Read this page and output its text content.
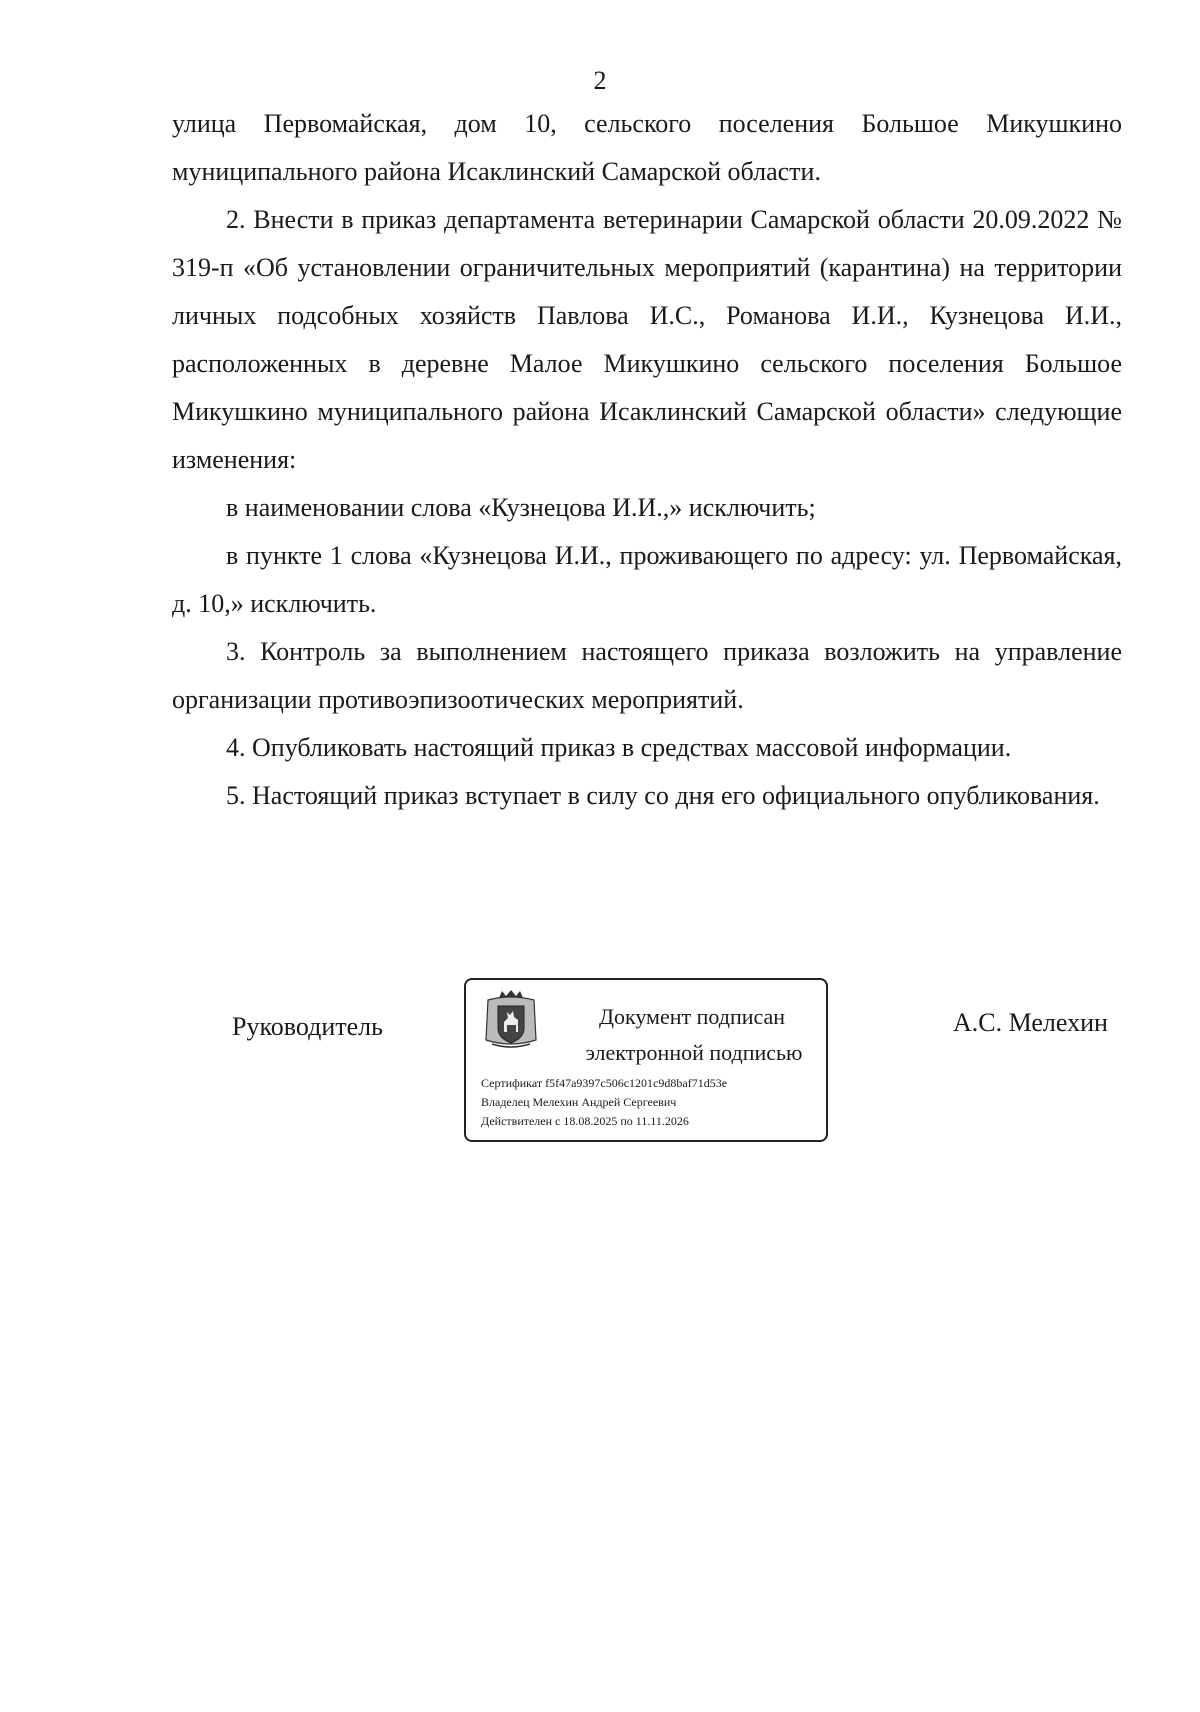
2

улица Первомайская, дом 10, сельского поселения Большое Микушкино муниципального района Исаклинский Самарской области.

2. Внести в приказ департамента ветеринарии Самарской области 20.09.2022 № 319-п «Об установлении ограничительных мероприятий (карантина) на территории личных подсобных хозяйств Павлова И.С., Романова И.И., Кузнецова И.И., расположенных в деревне Малое Микушкино сельского поселения Большое Микушкино муниципального района Исаклинский Самарской области» следующие изменения:

в наименовании слова «Кузнецова И.И.,» исключить;

в пункте 1 слова «Кузнецова И.И., проживающего по адресу: ул. Первомайская, д. 10,» исключить.

3. Контроль за выполнением настоящего приказа возложить на управление организации противоэпизоотических мероприятий.

4. Опубликовать настоящий приказ в средствах массовой информации.

5. Настоящий приказ вступает в силу со дня его официального опубликования.

Руководитель	Документ подписан
электронной подписью
Сертификат f5f47a9397c506c1201c9d8baf71d53e
Владелец Мелехин Андрей Сергеевич
Действителен с 18.08.2025 по 11.11.2026
А.С. Мелехин
